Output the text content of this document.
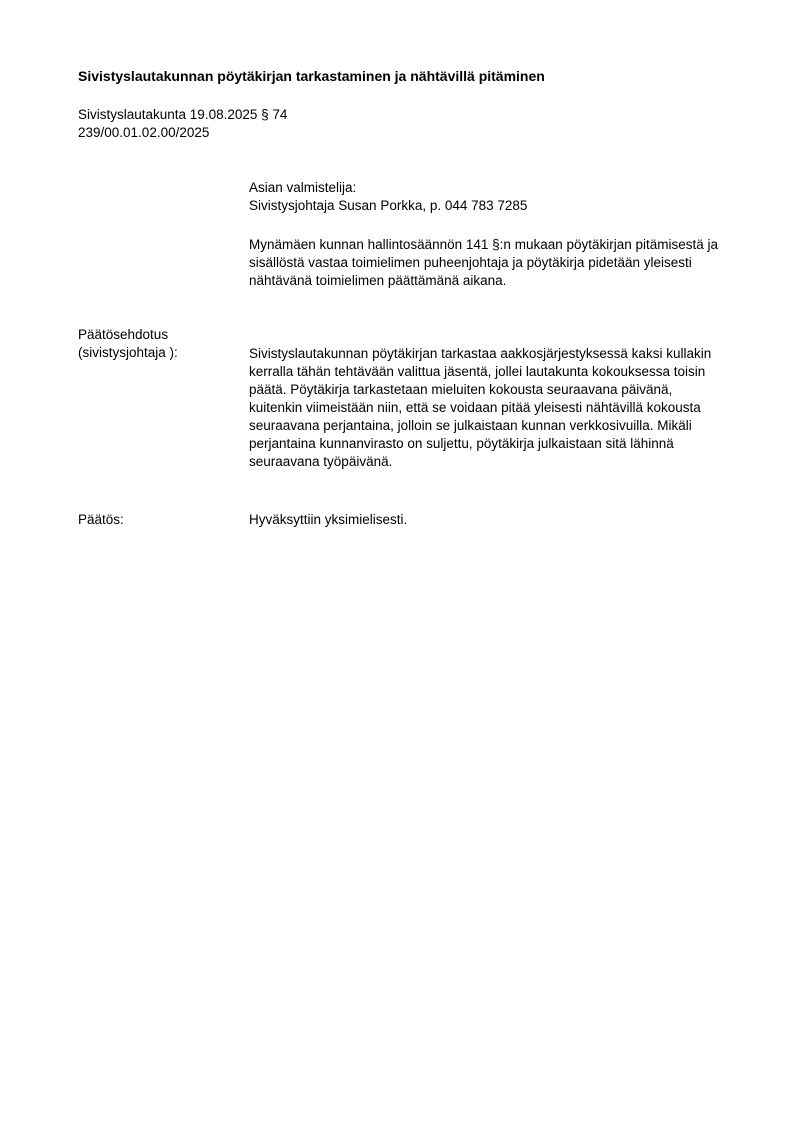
Sivistyslautakunnan pöytäkirjan tarkastaminen ja nähtävillä pitäminen
Sivistyslautakunta 19.08.2025 § 74
239/00.01.02.00/2025

Asian valmistelija:

Sivistysjohtaja Susan Porkka, p. 044 783 7285

Mynämäen kunnan hallintosäännön 141 §:n mukaan pöytäkirjan pitämisestä ja sisällöstä vastaa toimielimen puheenjohtaja ja pöytäkirja pidetään yleisesti nähtävänä toimielimen päättämänä aikana.

Päätösehdotus
(sivistysjohtaja ):	Sivistyslautakunnan pöytäkirjan tarkastaa aakkosjärjestyksessä kaksi kullakin kerralla tähän tehtävään valittua jäsentä, jollei lautakunta kokouksessa toisin päätä. Pöytäkirja tarkastetaan mieluiten kokousta seuraavana päivänä, kuitenkin viimeistään niin, että se voidaan pitää yleisesti nähtävillä kokousta seuraavana perjantaina, jolloin se julkaistaan kunnan verkkosivuilla. Mikäli perjantaina kunnanvirasto on suljettu, pöytäkirja julkaistaan sitä lähinnä seuraavana työpäivänä.

Päätös:	Hyväksyttiin yksimielisesti.
